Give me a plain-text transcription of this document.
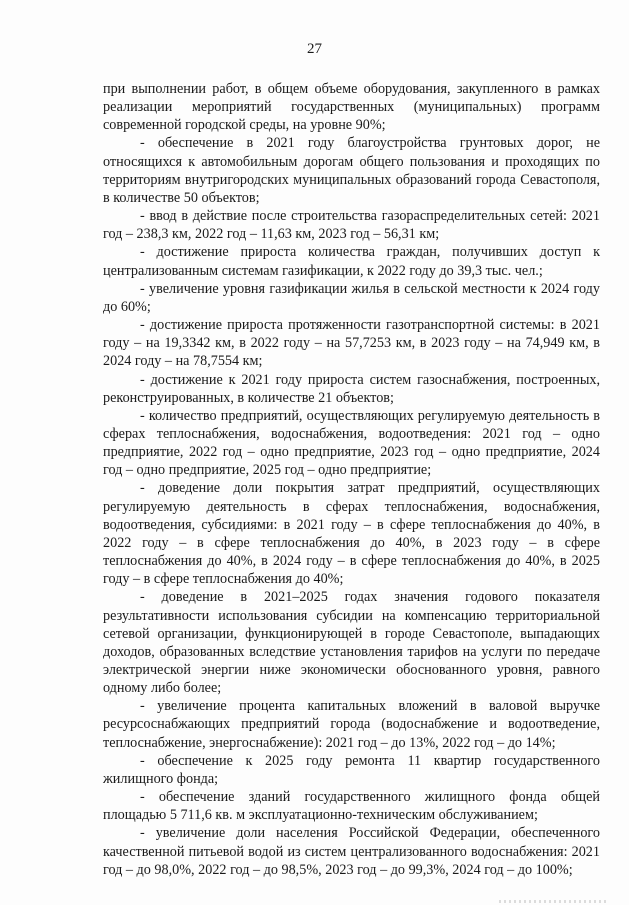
27

при выполнении работ, в общем объеме оборудования, закупленного в рамках реализации мероприятий государственных (муниципальных) программ современной городской среды, на уровне 90%;

- обеспечение в 2021 году благоустройства грунтовых дорог, не относящихся к автомобильным дорогам общего пользования и проходящих по территориям внутригородских муниципальных образований города Севастополя, в количестве 50 объектов;

- ввод в действие после строительства газораспределительных сетей: 2021 год – 238,3 км, 2022 год – 11,63 км, 2023 год – 56,31 км;

- достижение прироста количества граждан, получивших доступ к централизованным системам газификации, к 2022 году до 39,3 тыс. чел.;

- увеличение уровня газификации жилья в сельской местности к 2024 году до 60%;

- достижение прироста протяженности газотранспортной системы: в 2021 году – на 19,3342 км, в 2022 году – на 57,7253 км, в 2023 году – на 74,949 км, в 2024 году – на 78,7554 км;

- достижение к 2021 году прироста систем газоснабжения, построенных, реконструированных, в количестве 21 объектов;

- количество предприятий, осуществляющих регулируемую деятельность в сферах теплоснабжения, водоснабжения, водоотведения: 2021 год – одно предприятие, 2022 год – одно предприятие, 2023 год – одно предприятие, 2024 год – одно предприятие, 2025 год – одно предприятие;

- доведение доли покрытия затрат предприятий, осуществляющих регулируемую деятельность в сферах теплоснабжения, водоснабжения, водоотведения, субсидиями: в 2021 году – в сфере теплоснабжения до 40%, в 2022 году – в сфере теплоснабжения до 40%, в 2023 году – в сфере теплоснабжения до 40%, в 2024 году – в сфере теплоснабжения до 40%, в 2025 году – в сфере теплоснабжения до 40%;

- доведение в 2021–2025 годах значения годового показателя результативности использования субсидии на компенсацию территориальной сетевой организации, функционирующей в городе Севастополе, выпадающих доходов, образованных вследствие установления тарифов на услуги по передаче электрической энергии ниже экономически обоснованного уровня, равного одному либо более;

- увеличение процента капитальных вложений в валовой выручке ресурсоснабжающих предприятий города (водоснабжение и водоотведение, теплоснабжение, энергоснабжение): 2021 год – до 13%, 2022 год – до 14%;

- обеспечение к 2025 году ремонта 11 квартир государственного жилищного фонда;

- обеспечение зданий государственного жилищного фонда общей площадью 5 711,6 кв. м эксплуатационно-техническим обслуживанием;

- увеличение доли населения Российской Федерации, обеспеченного качественной питьевой водой из систем централизованного водоснабжения: 2021 год – до 98,0%, 2022 год – до 98,5%, 2023 год – до 99,3%, 2024 год – до 100%;
